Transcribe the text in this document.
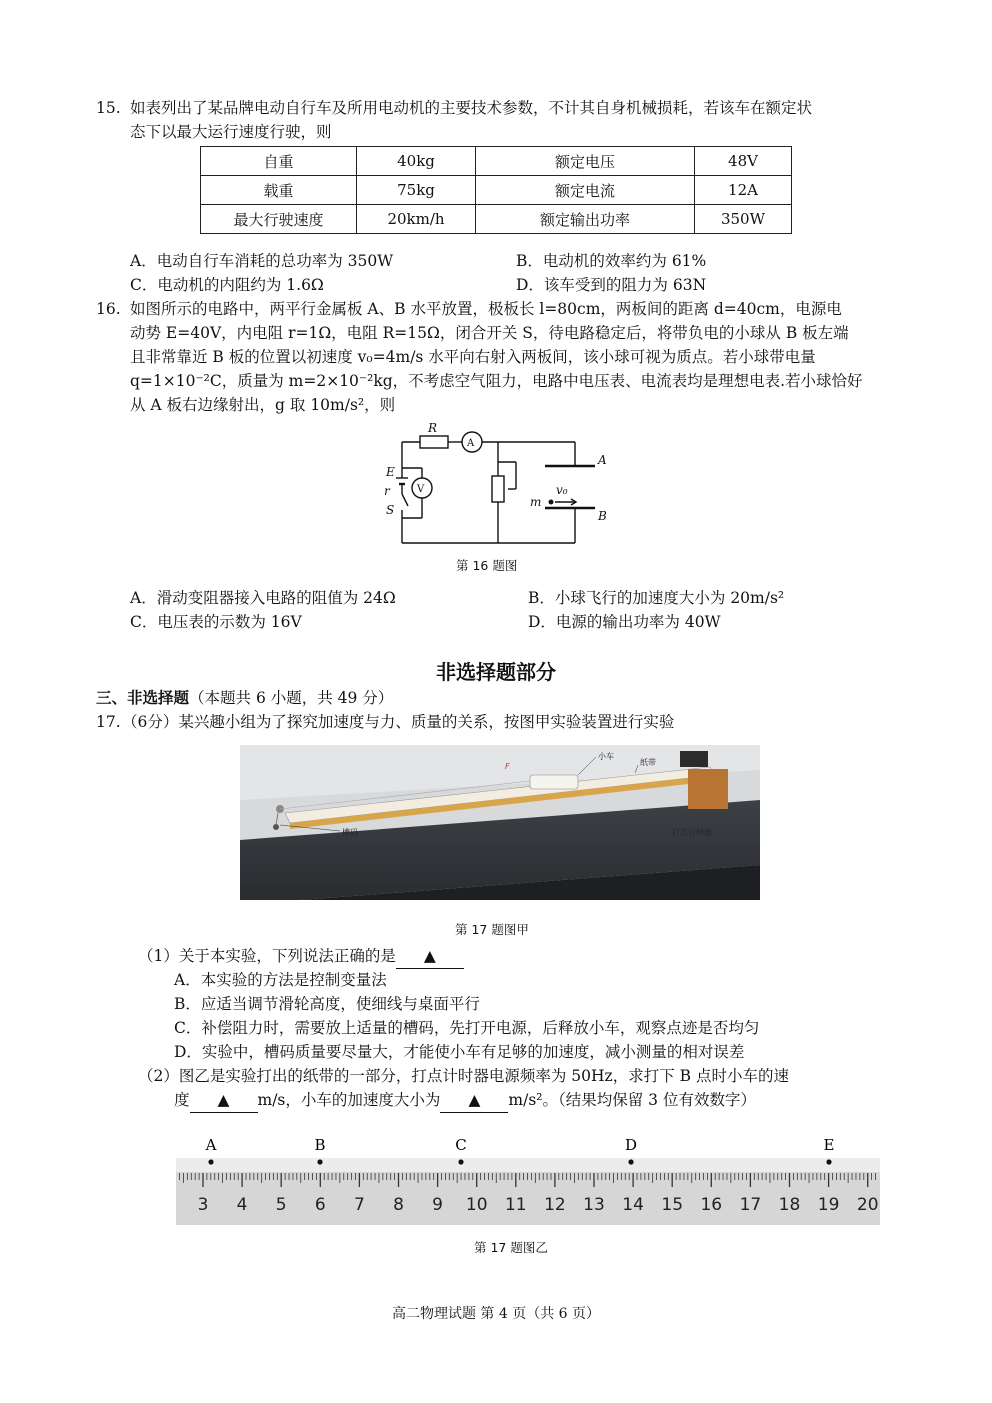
15. 如表列出了某品牌电动自行车及所用电动机的主要技术参数，不计其自身机械损耗，若该车在额定状
态下以最大运行速度行驶，则
自重	40kg	额定电压	48V
载重	75kg	额定电流	12A
最大行驶速度	20km/h	额定输出功率	350W
A．电动自行车消耗的总功率为 350W	B．电动机的效率约为 61%
C．电动机的内阻约为 1.6Ω	D．该车受到的阻力为 63N
16. 如图所示的电路中，两平行金属板 A、B 水平放置，极板长 l=80cm，两板间的距离 d=40cm，电源电
动势 E=40V，内电阻 r=1Ω，电阻 R=15Ω，闭合开关 S，待电路稳定后，将带负电的小球从 B 板左端
且非常靠近 B 板的位置以初速度 v₀=4m/s 水平向右射入两板间，该小球可视为质点。若小球带电量
q=1×10⁻²C，质量为 m=2×10⁻²kg，不考虑空气阻力，电路中电压表、电流表均是理想电表.若小球恰好
从 A 板右边缘射出，g 取 10m/s²，则
R
A
V
E
r
S
A
B
m
v₀
第 16 题图
A．滑动变阻器接入电路的阻值为 24Ω	B．小球飞行的加速度大小为 20m/s²
C．电压表的示数为 16V	D．电源的输出功率为 40W
非选择题部分
三、非选择题（本题共 6 小题，共 49 分）
17. （6分）某兴趣小组为了探究加速度与力、质量的关系，按图甲实验装置进行实验
槽码
小车
纸带
打点计时器
F
第 17 题图甲
（1）关于本实验，下列说法正确的是 ▲
A．本实验的方法是控制变量法
B．应适当调节滑轮高度，使细线与桌面平行
C．补偿阻力时，需要放上适量的槽码，先打开电源，后释放小车，观察点迹是否均匀
D．实验中，槽码质量要尽量大，才能使小车有足够的加速度，减小测量的相对误差
（2）图乙是实验打出的纸带的一部分，打点计时器电源频率为 50Hz，求打下 B 点时小车的速
度 ▲ m/s，小车的加速度大小为 ▲ m/s²。（结果均保留 3 位有效数字）
A	B	C	D	E
3 4 5 6 7 8 9 10 11 12 13 14 15 16 17 18 19 20
第 17 题图乙
高二物理试题 第 4 页（共 6 页）
